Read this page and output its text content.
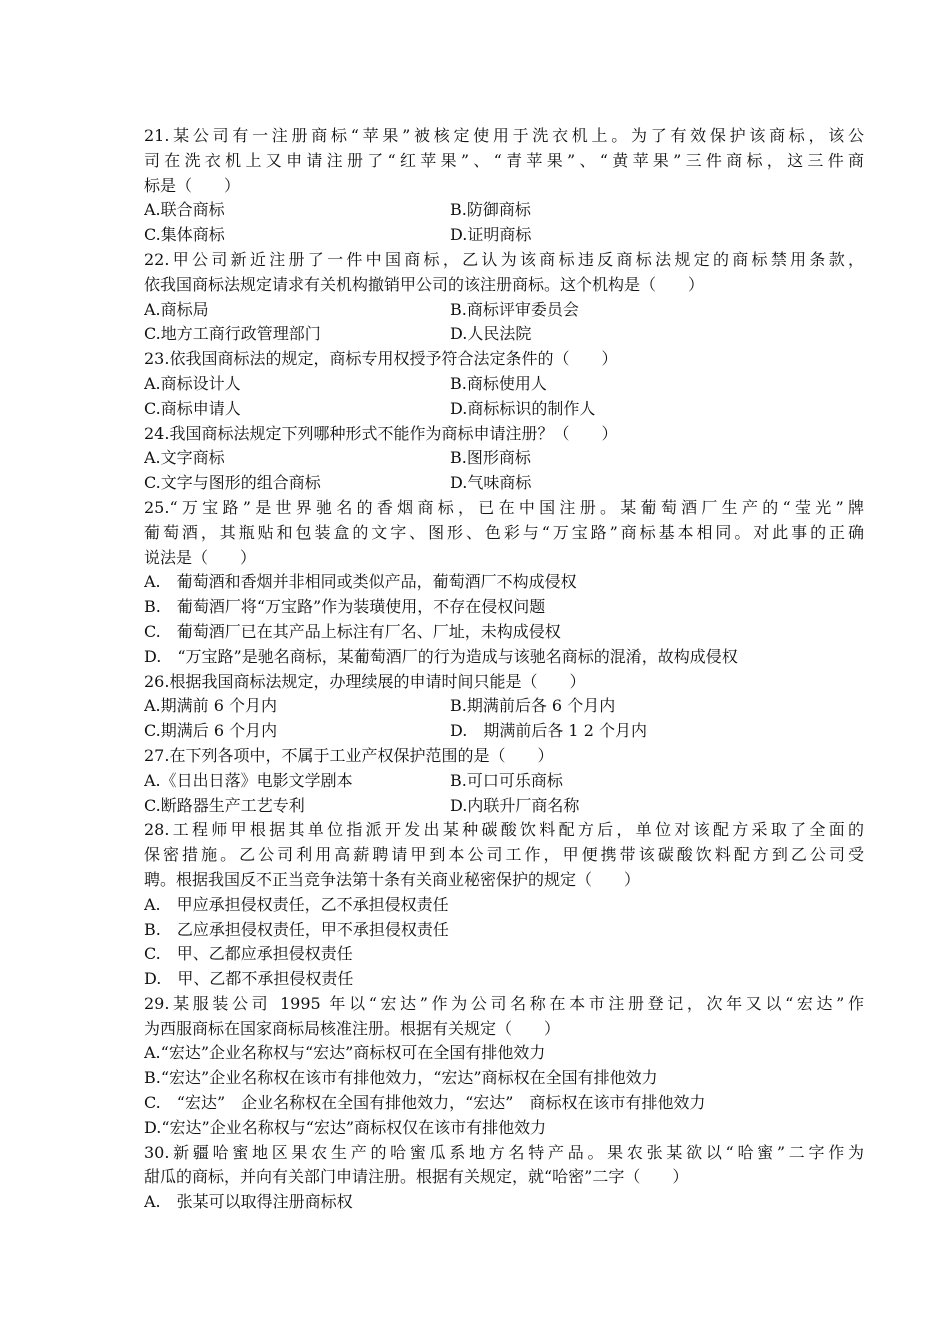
21.某公司有一注册商标“苹果”被核定使用于洗衣机上。为了有效保护该商标，该公
司在洗衣机上又申请注册了“红苹果”、“青苹果”、“黄苹果”三件商标，这三件商
标是（　　）
A.联合商标	B.防御商标
C.集体商标	D.证明商标
22.甲公司新近注册了一件中国商标，乙认为该商标违反商标法规定的商标禁用条款，
依我国商标法规定请求有关机构撤销甲公司的该注册商标。这个机构是（　　）
A.商标局	B.商标评审委员会
C.地方工商行政管理部门	D.人民法院
23.依我国商标法的规定，商标专用权授予符合法定条件的（　　）
A.商标设计人	B.商标使用人
C.商标申请人	D.商标标识的制作人
24.我国商标法规定下列哪种形式不能作为商标申请注册？（　　）
A.文字商标	B.图形商标
C.文字与图形的组合商标	D.气味商标
25.“万宝路”是世界驰名的香烟商标，已在中国注册。某葡萄酒厂生产的“莹光”牌
葡萄酒，其瓶贴和包装盒的文字、图形、色彩与“万宝路”商标基本相同。对此事的正确
说法是（　　）
A.　葡萄酒和香烟并非相同或类似产品，葡萄酒厂不构成侵权
B.　葡萄酒厂将“万宝路”作为装璜使用，不存在侵权问题
C.　葡萄酒厂已在其产品上标注有厂名、厂址，未构成侵权
D.　“万宝路”是驰名商标，某葡萄酒厂的行为造成与该驰名商标的混淆，故构成侵权
26.根据我国商标法规定，办理续展的申请时间只能是（　　）
A.期满前 6 个月内	B.期满前后各 6 个月内
C.期满后 6 个月内	D.　期满前后各 1 2 个月内
27.在下列各项中，不属于工业产权保护范围的是（　　）
A.《日出日落》电影文学剧本	B.可口可乐商标
C.断路器生产工艺专利	D.内联升厂商名称
28.工程师甲根据其单位指派开发出某种碳酸饮料配方后，单位对该配方采取了全面的
保密措施。乙公司利用高薪聘请甲到本公司工作，甲便携带该碳酸饮料配方到乙公司受
聘。根据我国反不正当竞争法第十条有关商业秘密保护的规定（　　）
A.　甲应承担侵权责任，乙不承担侵权责任
B.　乙应承担侵权责任，甲不承担侵权责任
C.　甲、乙都应承担侵权责任
D.　甲、乙都不承担侵权责任
29.某服装公司 1995 年以“宏达”作为公司名称在本市注册登记，次年又以“宏达”作
为西服商标在国家商标局核准注册。根据有关规定（　　）
A.“宏达”企业名称权与“宏达”商标权可在全国有排他效力
B.“宏达”企业名称权在该市有排他效力，“宏达”商标权在全国有排他效力
C.　“宏达”　企业名称权在全国有排他效力，“宏达”　商标权在该市有排他效力
D.“宏达”企业名称权与“宏达”商标权仅在该市有排他效力
30.新疆哈蜜地区果农生产的哈蜜瓜系地方名特产品。果农张某欲以“哈蜜”二字作为
甜瓜的商标，并向有关部门申请注册。根据有关规定，就“哈密”二字（　　）
A.　张某可以取得注册商标权
